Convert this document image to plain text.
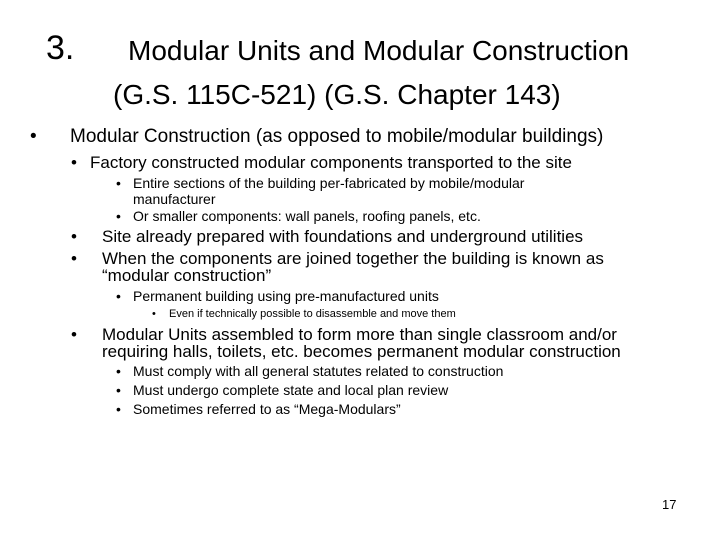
3. Modular Units and Modular Construction
(G.S. 115C-521) (G.S. Chapter 143)
• Modular Construction (as opposed to mobile/modular buildings)
• Factory constructed modular components transported to the site
• Entire sections of the building per-fabricated by mobile/modular
manufacturer
• Or smaller components: wall panels, roofing panels, etc.
• Site already prepared with foundations and underground utilities
• When the components are joined together the building is known as
“modular construction”
• Permanent building using pre-manufactured units
• Even if technically possible to disassemble and move them
• Modular Units assembled to form more than single classroom and/or
requiring halls, toilets, etc. becomes permanent modular construction
• Must comply with all general statutes related to construction
• Must undergo complete state and local plan review
• Sometimes referred to as “Mega-Modulars”
17
